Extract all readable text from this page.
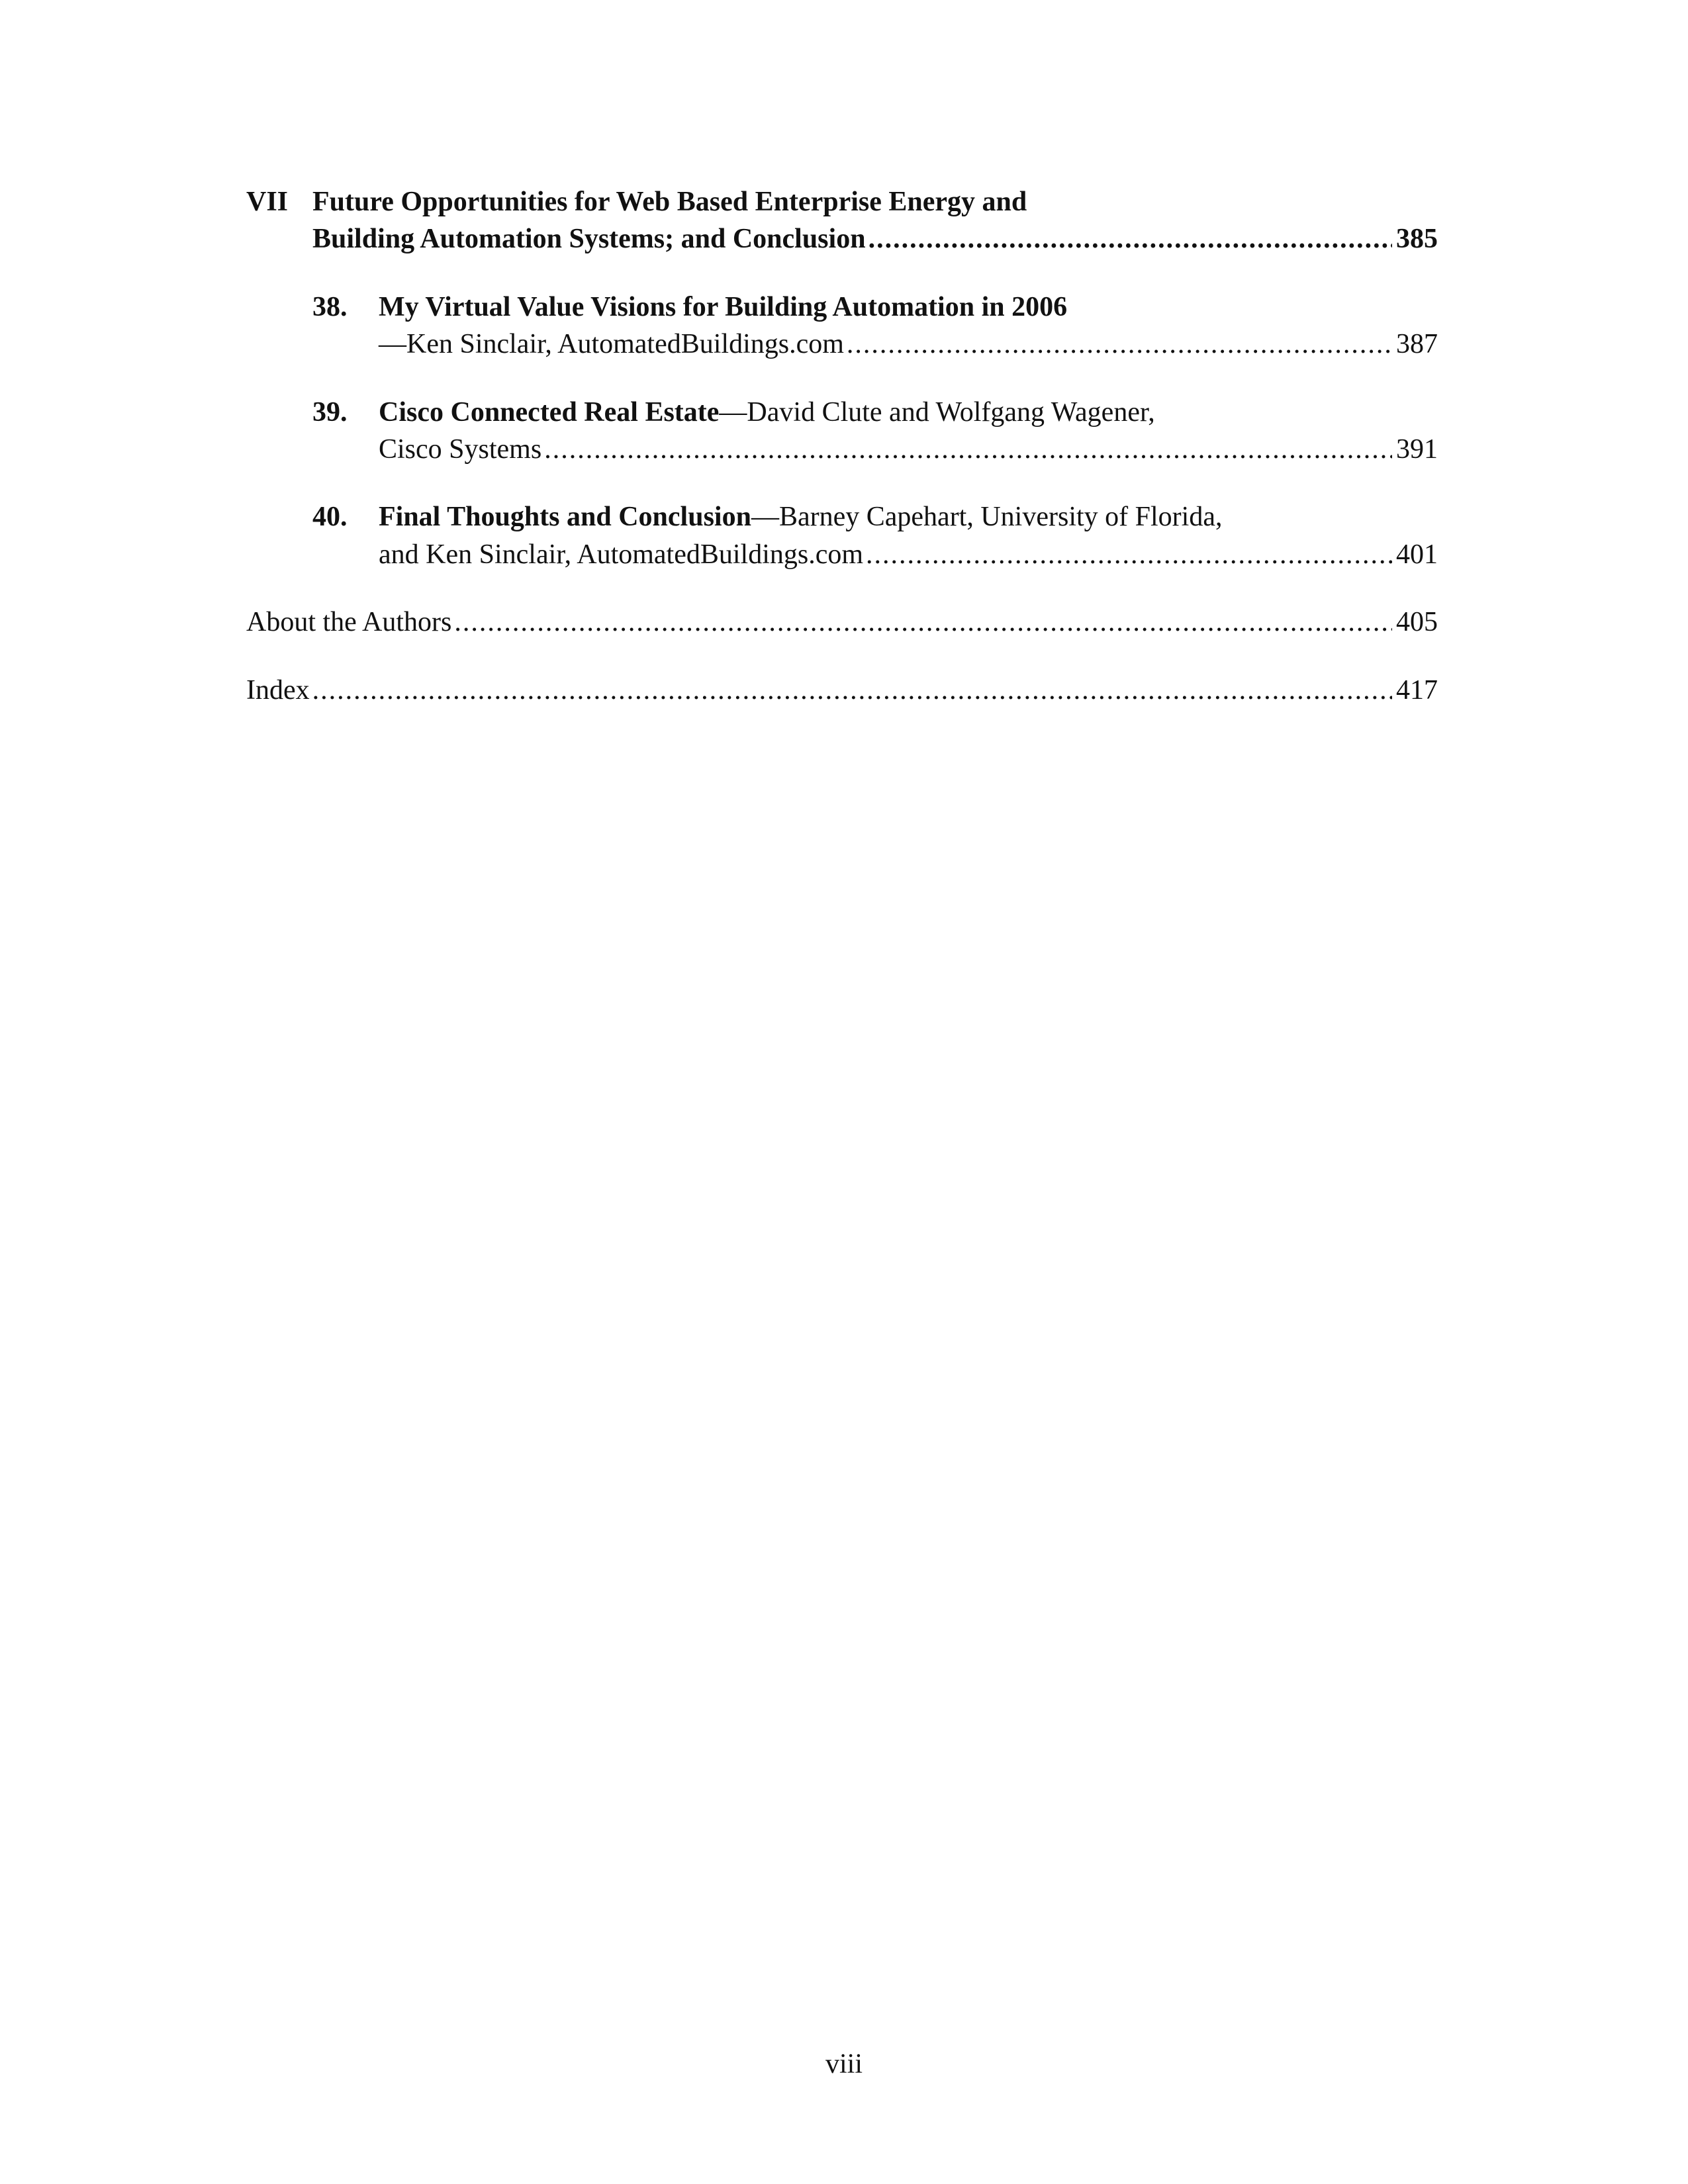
VII Future Opportunities for Web Based Enterprise Energy and
Building Automation Systems; and Conclusion .....	385
38. My Virtual Value Visions for Building Automation in 2006
—Ken Sinclair, AutomatedBuildings.com .....	387
39. Cisco Connected Real Estate—David Clute and Wolfgang Wagener,
Cisco Systems .....	391
40. Final Thoughts and Conclusion—Barney Capehart, University of Florida,
and Ken Sinclair, AutomatedBuildings.com .....	401
About the Authors .....	405
Index .....	417
viii
